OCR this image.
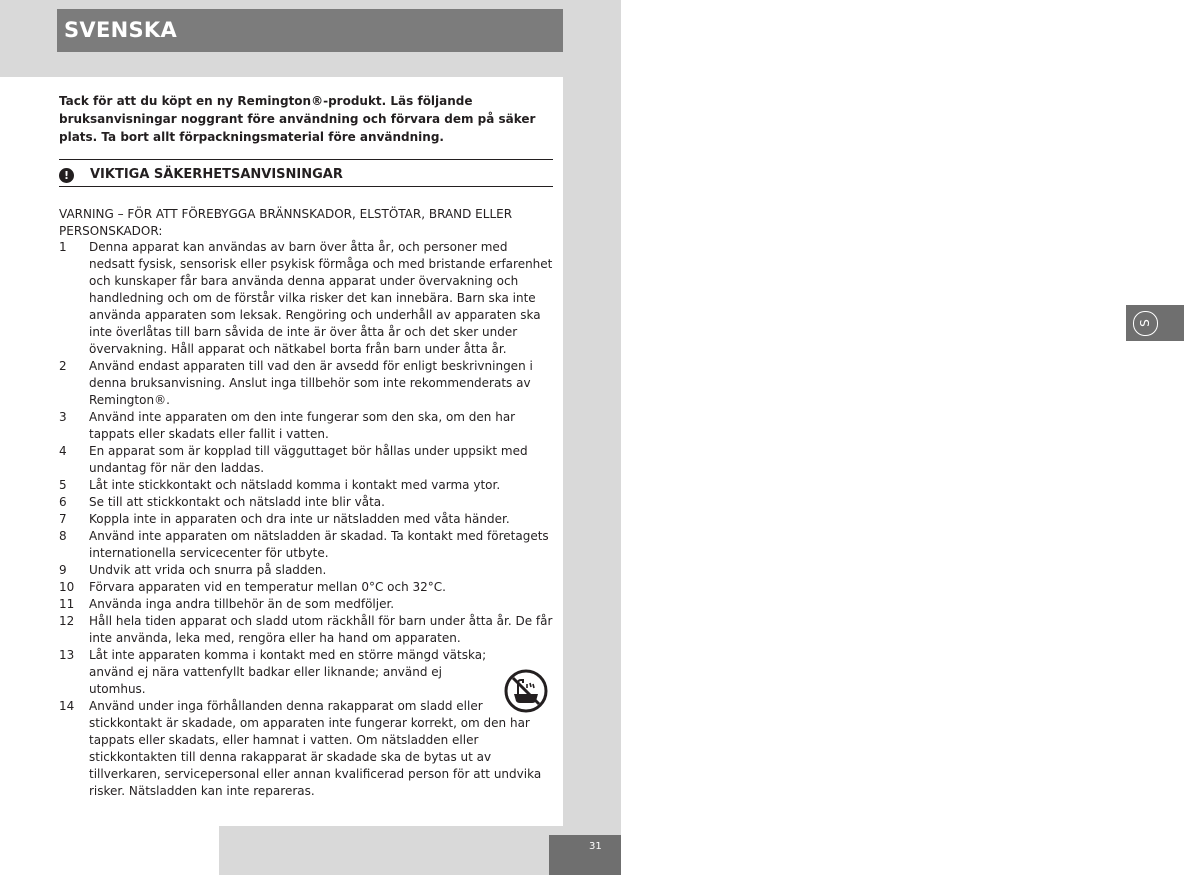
SVENSKA
GB
D
NL
F
E
I
DK
S
FIN
P
SK
CZ
PL
H
RU
TR
RO
GR
SL
HR
AE
31

Tack för att du köpt en ny Remington®-produkt. Läs följande bruksanvisningar noggrant före användning och förvara dem på säker plats. Ta bort allt förpackningsmaterial före användning.

!	VIKTIGA SÄKERHETSANVISNINGAR

VARNING – FÖR ATT FÖREBYGGA BRÄNNSKADOR, ELSTÖTAR, BRAND ELLER PERSONSKADOR:

1 Denna apparat kan användas av barn över åtta år, och personer med nedsatt fysisk, sensorisk eller psykisk förmåga och med bristande erfarenhet och kunskaper får bara använda denna apparat under övervakning och handledning och om de förstår vilka risker det kan innebära. Barn ska inte använda apparaten som leksak. Rengöring och underhåll av apparaten ska inte överlåtas till barn såvida de inte är över åtta år och det sker under övervakning. Håll apparat och nätkabel borta från barn under åtta år.
2 Använd endast apparaten till vad den är avsedd för enligt beskrivningen i denna bruksanvisning. Anslut inga tillbehör som inte rekommenderats av Remington®.
3 Använd inte apparaten om den inte fungerar som den ska, om den har tappats eller skadats eller fallit i vatten.
4 En apparat som är kopplad till vägguttaget bör hållas under uppsikt med undantag för när den laddas.
5 Låt inte stickkontakt och nätsladd komma i kontakt med varma ytor.
6 Se till att stickkontakt och nätsladd inte blir våta.
7 Koppla inte in apparaten och dra inte ur nätsladden med våta händer.
8 Använd inte apparaten om nätsladden är skadad. Ta kontakt med företagets internationella servicecenter för utbyte.
9 Undvik att vrida och snurra på sladden.
10 Förvara apparaten vid en temperatur mellan 0°C och 32°C.
11 Använda inga andra tillbehör än de som medföljer.
12 Håll hela tiden apparat och sladd utom räckhåll för barn under åtta år. De får inte använda, leka med, rengöra eller ha hand om apparaten.
13 Låt inte apparaten komma i kontakt med en större mängd vätska; använd ej nära vattenfyllt badkar eller liknande; använd ej utomhus.
14 Använd under inga förhållanden denna rakapparat om sladd eller stickkontakt är skadade, om apparaten inte fungerar korrekt, om den har tappats eller skadats, eller hamnat i vatten. Om nätsladden eller stickkontakten till denna rakapparat är skadade ska de bytas ut av tillverkaren, servicepersonal eller annan kvalificerad person för att undvika risker. Nätsladden kan inte repareras.
